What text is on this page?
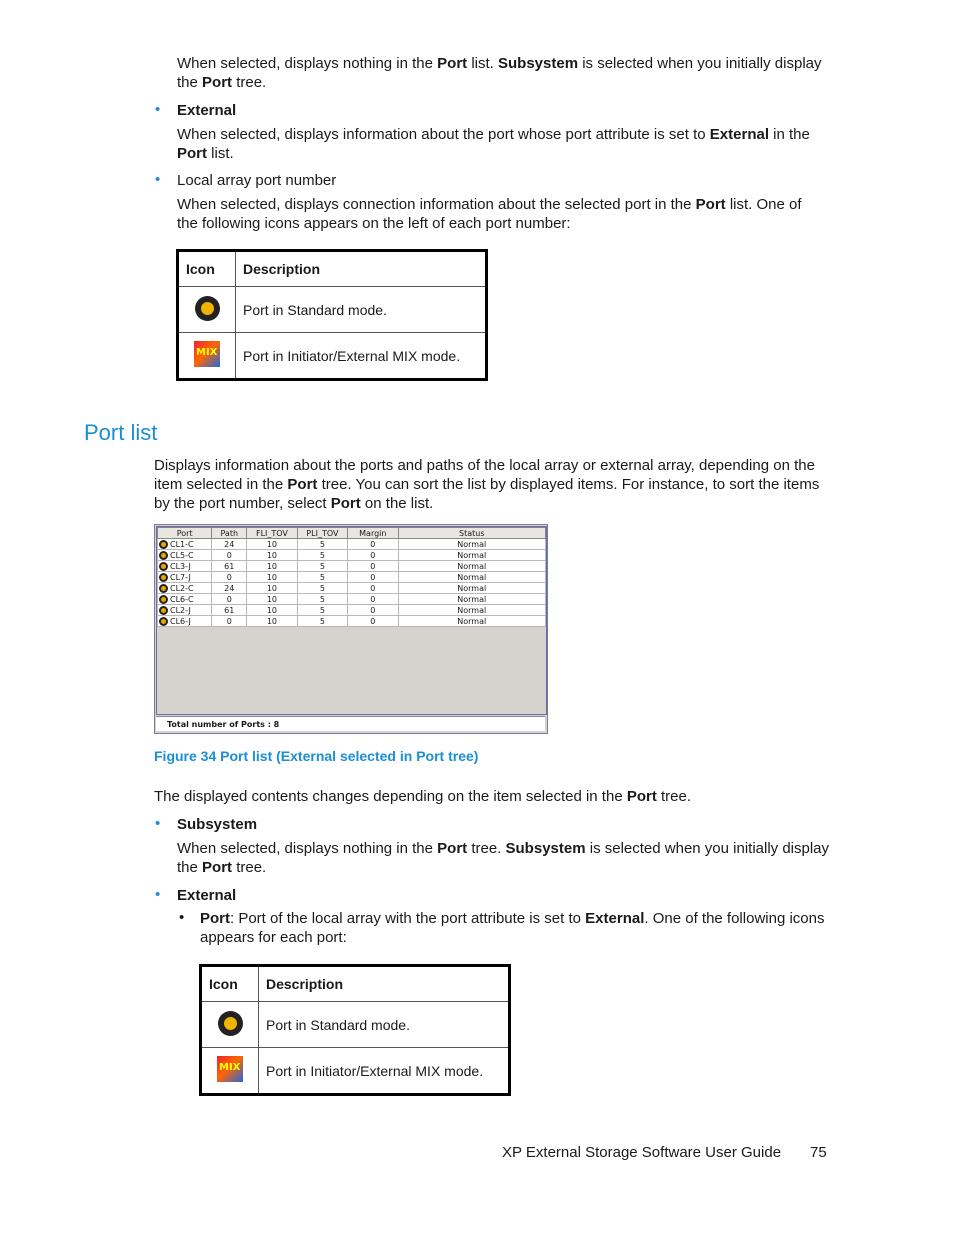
When selected, displays nothing in the Port list. Subsystem is selected when you initially display
the Port tree.

• External

When selected, displays information about the port whose port attribute is set to External in the
Port list.

• Local array port number

When selected, displays connection information about the selected port in the Port list. One of
the following icons appears on the left of each port number:

Icon	Description
	Port in Standard mode.

MIX	Port in Initiator/External MIX mode.
Port list

Displays information about the ports and paths of the local array or external array, depending on the
item selected in the Port tree. You can sort the list by displayed items. For instance, to sort the items
by the port number, select Port on the list.

Port	Path	FLI_TOV	PLI_TOV	Margin	Status
CL1-C	24	10	5	0	Normal
CL5-C	0	10	5	0	Normal
CL3-J	61	10	5	0	Normal
CL7-J	0	10	5	0	Normal
CL2-C	24	10	5	0	Normal
CL6-C	0	10	5	0	Normal
CL2-J	61	10	5	0	Normal
CL6-J	0	10	5	0	Normal
Total number of Ports : 8
Figure 34 Port list (External selected in Port tree)

The displayed contents changes depending on the item selected in the Port tree.

• Subsystem

When selected, displays nothing in the Port tree. Subsystem is selected when you initially display
the Port tree.

• External

• Port: Port of the local array with the port attribute is set to External. One of the following icons
appears for each port:

Icon	Description
	Port in Standard mode.

MIX	Port in Initiator/External MIX mode.
XP External Storage Software User Guide 75
